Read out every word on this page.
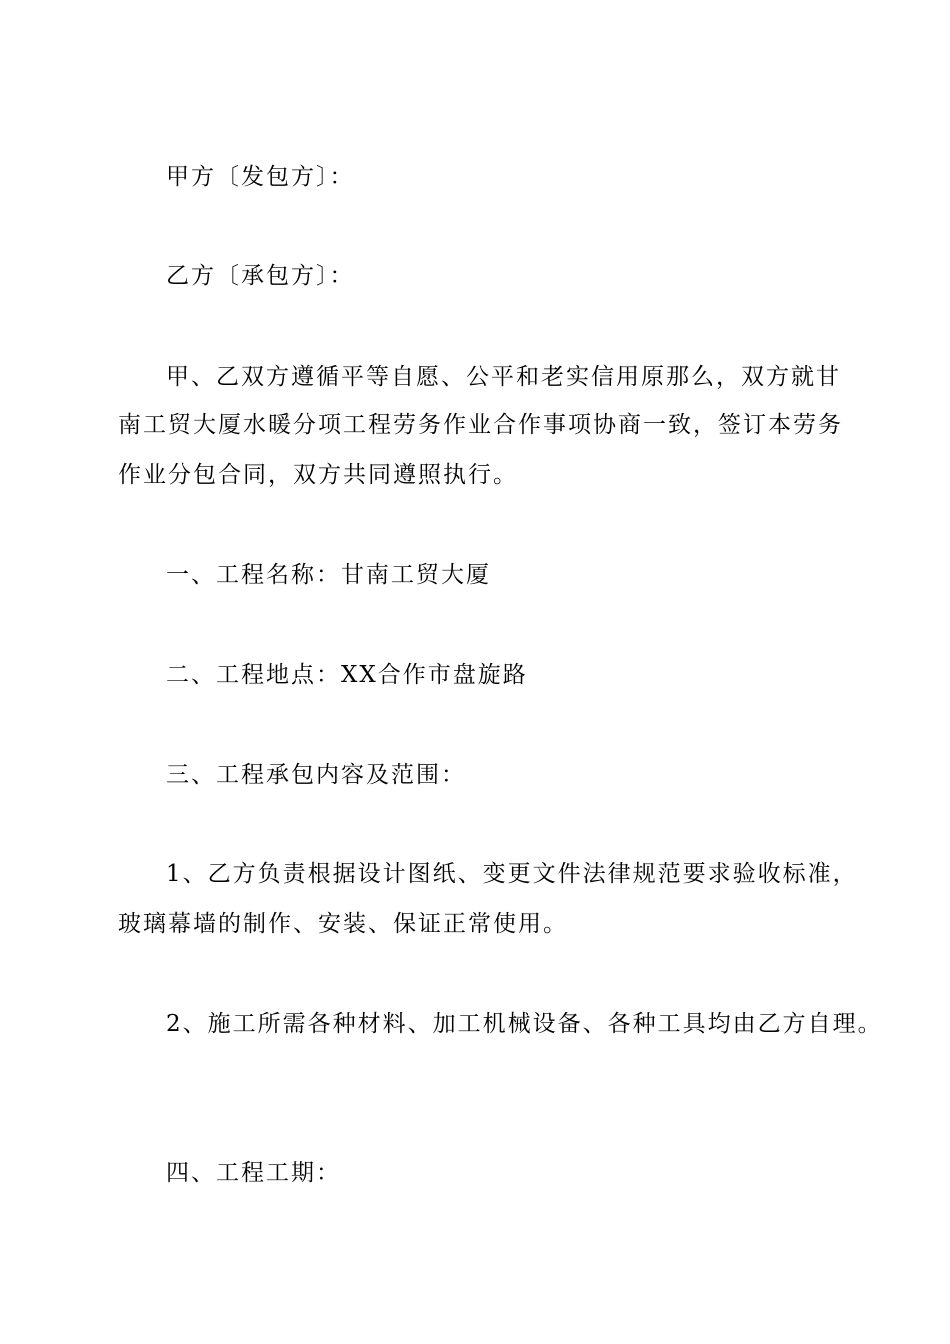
甲方〔发包方〕：
乙方〔承包方〕：
甲、乙双方遵循平等自愿、公平和老实信用原那么，双方就甘
南工贸大厦水暖分项工程劳务作业合作事项协商一致，签订本劳务
作业分包合同，双方共同遵照执行。
一、工程名称：甘南工贸大厦
二、工程地点：XX合作市盘旋路
三、工程承包内容及范围：
1、乙方负责根据设计图纸、变更文件法律规范要求验收标准，
玻璃幕墙的制作、安装、保证正常使用。
2、施工所需各种材料、加工机械设备、各种工具均由乙方自理。
四、工程工期：
